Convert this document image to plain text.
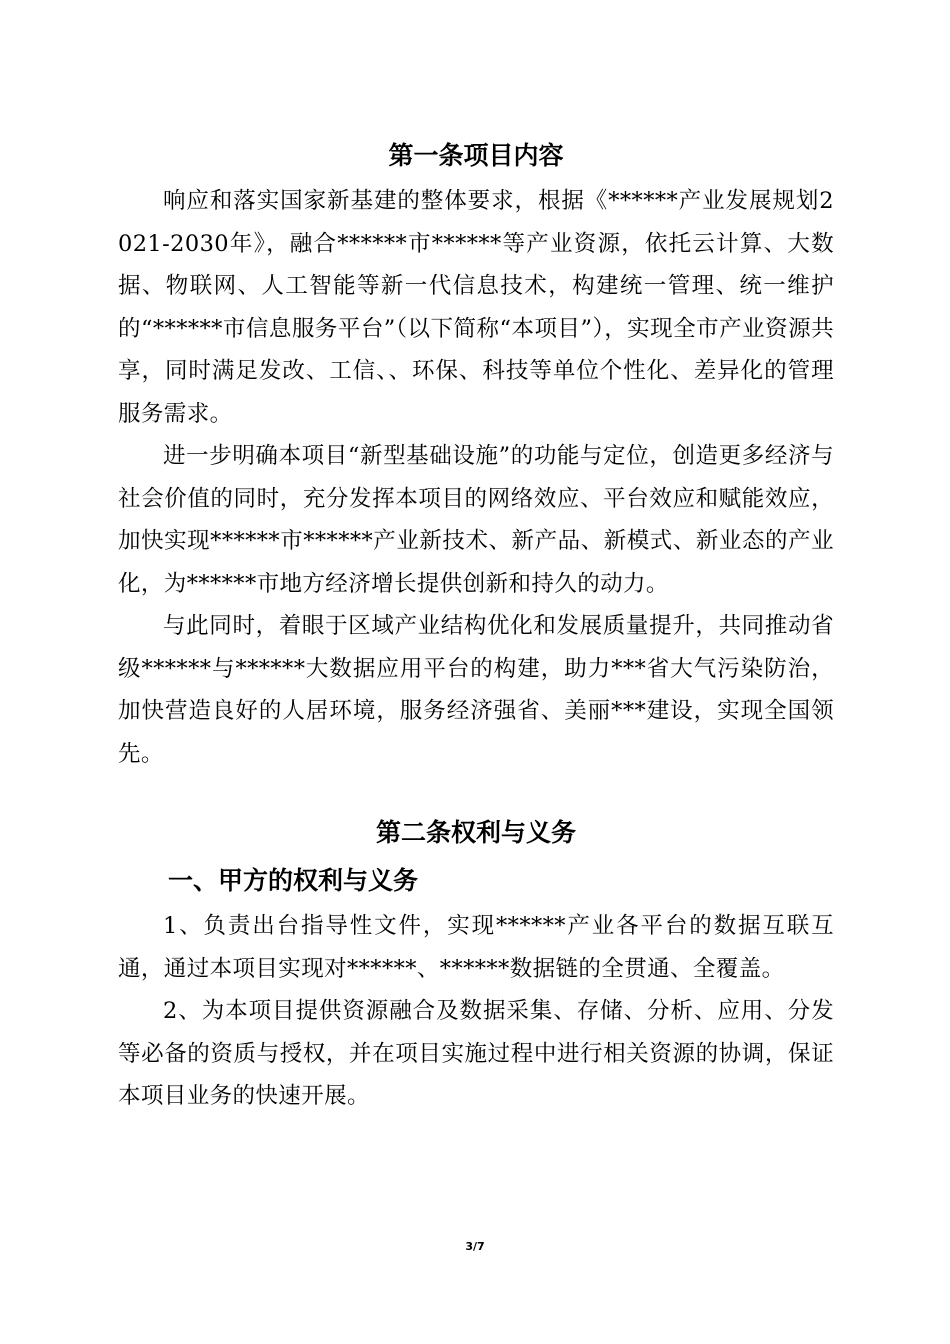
第一条项目内容

响应和落实国家新基建的整体要求，根据《******产业发展规划2021-2030年》，融合******市******等产业资源，依托云计算、大数据、物联网、人工智能等新一代信息技术，构建统一管理、统一维护的“******市信息服务平台”（以下简称“本项目”），实现全市产业资源共享，同时满足发改、工信、、环保、科技等单位个性化、差异化的管理服务需求。

进一步明确本项目“新型基础设施”的功能与定位，创造更多经济与社会价值的同时，充分发挥本项目的网络效应、平台效应和赋能效应，加快实现******市******产业新技术、新产品、新模式、新业态的产业化，为******市地方经济增长提供创新和持久的动力。

与此同时，着眼于区域产业结构优化和发展质量提升，共同推动省级******与******大数据应用平台的构建，助力***省大气污染防治，加快营造良好的人居环境，服务经济强省、美丽***建设，实现全国领先。

第二条权利与义务
一、甲方的权利与义务

1、负责出台指导性文件，实现******产业各平台的数据互联互通，通过本项目实现对******、******数据链的全贯通、全覆盖。

2、为本项目提供资源融合及数据采集、存储、分析、应用、分发等必备的资质与授权，并在项目实施过程中进行相关资源的协调，保证本项目业务的快速开展。

3/7
